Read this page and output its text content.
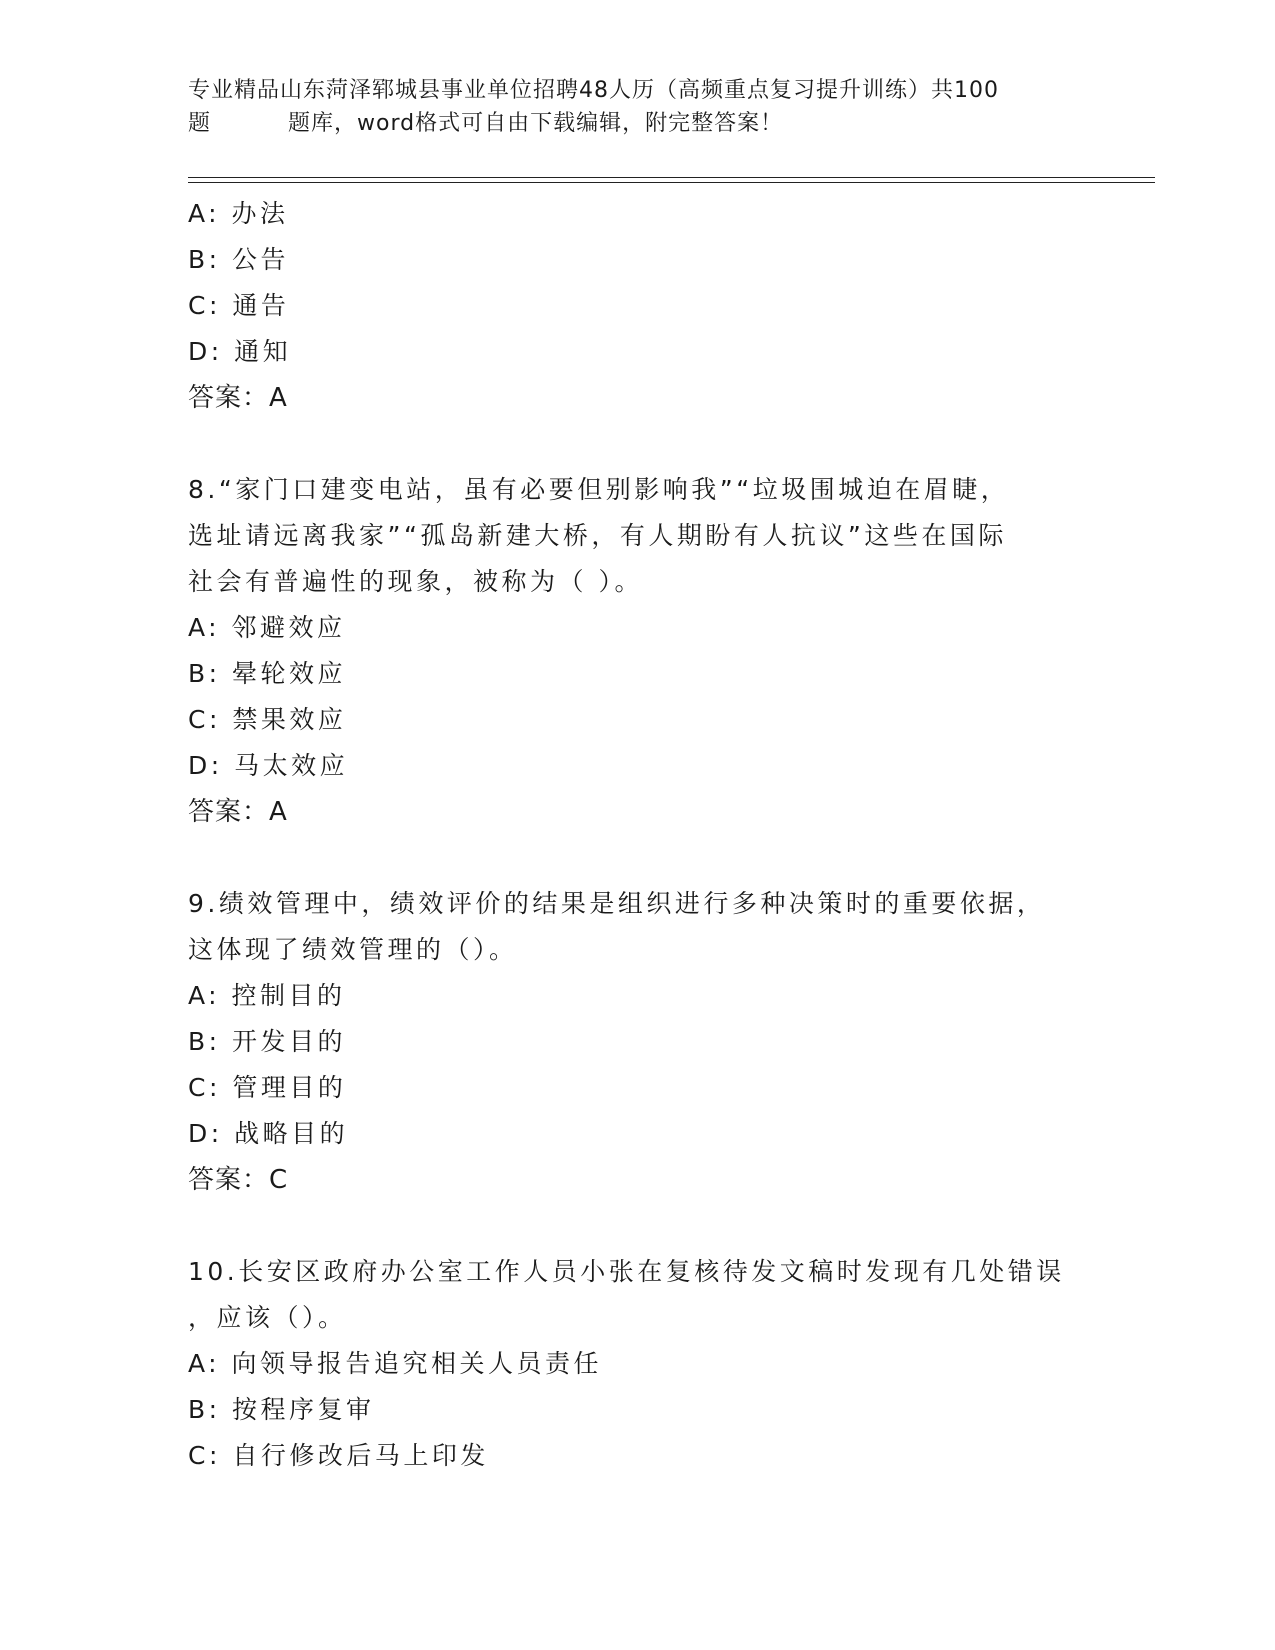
专业精品山东菏泽郓城县事业单位招聘48人历（高频重点复习提升训练）共100
题	题库，word格式可自由下载编辑，附完整答案！
A: 办法
B: 公告
C: 通告
D: 通知
答案：A
8.“家门口建变电站，虽有必要但别影响我”“垃圾围城迫在眉睫，
选址请远离我家”“孤岛新建大桥，有人期盼有人抗议”这些在国际
社会有普遍性的现象，被称为（ ）。
A: 邻避效应
B: 晕轮效应
C: 禁果效应
D: 马太效应
答案：A
9.绩效管理中，绩效评价的结果是组织进行多种决策时的重要依据，
这体现了绩效管理的（）。
A: 控制目的
B: 开发目的
C: 管理目的
D: 战略目的
答案：C
10.长安区政府办公室工作人员小张在复核待发文稿时发现有几处错误
，应该（）。
A: 向领导报告追究相关人员责任
B: 按程序复审
C: 自行修改后马上印发
